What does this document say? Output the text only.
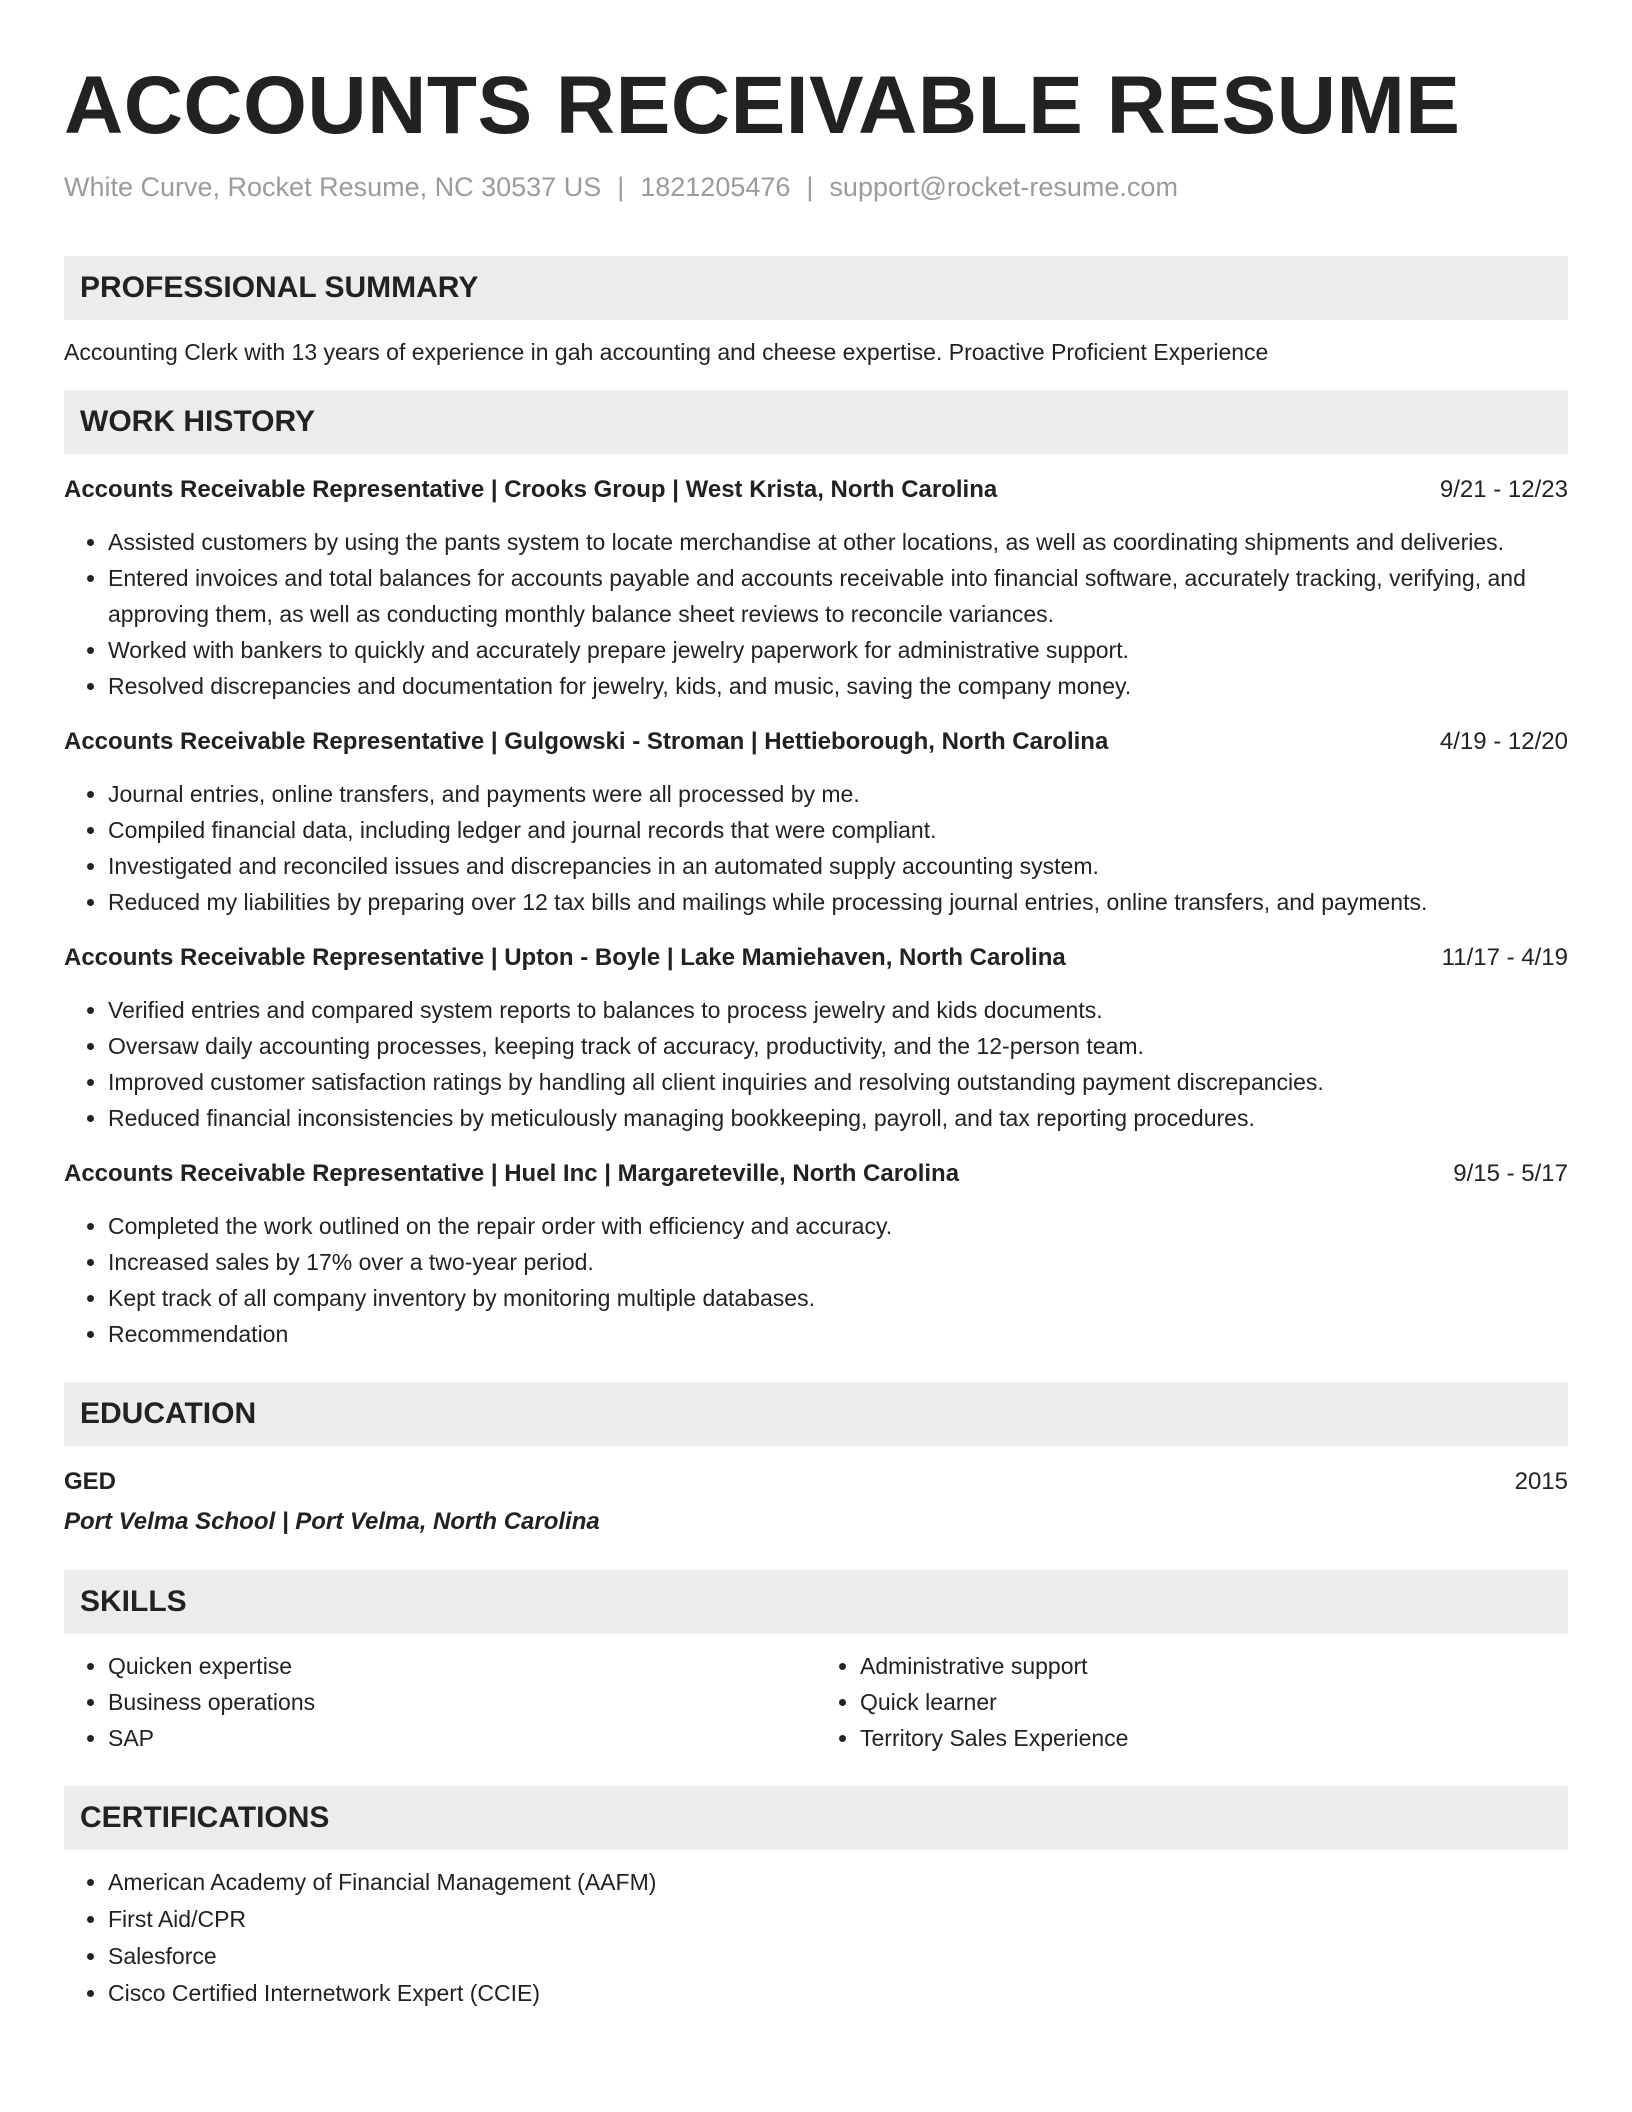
ACCOUNTS RECEIVABLE RESUME
White Curve, Rocket Resume, NC 30537 US | 1821205476 | support@rocket-resume.com
PROFESSIONAL SUMMARY
Accounting Clerk with 13 years of experience in gah accounting and cheese expertise. Proactive Proficient Experience
WORK HISTORY
Accounts Receivable Representative | Crooks Group | West Krista, North Carolina	9/21 - 12/23
• Assisted customers by using the pants system to locate merchandise at other locations, as well as coordinating shipments and deliveries.
• Entered invoices and total balances for accounts payable and accounts receivable into financial software, accurately tracking, verifying, and approving them, as well as conducting monthly balance sheet reviews to reconcile variances.
• Worked with bankers to quickly and accurately prepare jewelry paperwork for administrative support.
• Resolved discrepancies and documentation for jewelry, kids, and music, saving the company money.
Accounts Receivable Representative | Gulgowski - Stroman | Hettieborough, North Carolina	4/19 - 12/20
• Journal entries, online transfers, and payments were all processed by me.
• Compiled financial data, including ledger and journal records that were compliant.
• Investigated and reconciled issues and discrepancies in an automated supply accounting system.
• Reduced my liabilities by preparing over 12 tax bills and mailings while processing journal entries, online transfers, and payments.
Accounts Receivable Representative | Upton - Boyle | Lake Mamiehaven, North Carolina	11/17 - 4/19
• Verified entries and compared system reports to balances to process jewelry and kids documents.
• Oversaw daily accounting processes, keeping track of accuracy, productivity, and the 12-person team.
• Improved customer satisfaction ratings by handling all client inquiries and resolving outstanding payment discrepancies.
• Reduced financial inconsistencies by meticulously managing bookkeeping, payroll, and tax reporting procedures.
Accounts Receivable Representative | Huel Inc | Margareteville, North Carolina	9/15 - 5/17
• Completed the work outlined on the repair order with efficiency and accuracy.
• Increased sales by 17% over a two-year period.
• Kept track of all company inventory by monitoring multiple databases.
• Recommendation
EDUCATION
GED	2015
Port Velma School | Port Velma, North Carolina
SKILLS
• Quicken expertise
• Business operations
• SAP
• Administrative support
• Quick learner
• Territory Sales Experience
CERTIFICATIONS
• American Academy of Financial Management (AAFM)
• First Aid/CPR
• Salesforce
• Cisco Certified Internetwork Expert (CCIE)
